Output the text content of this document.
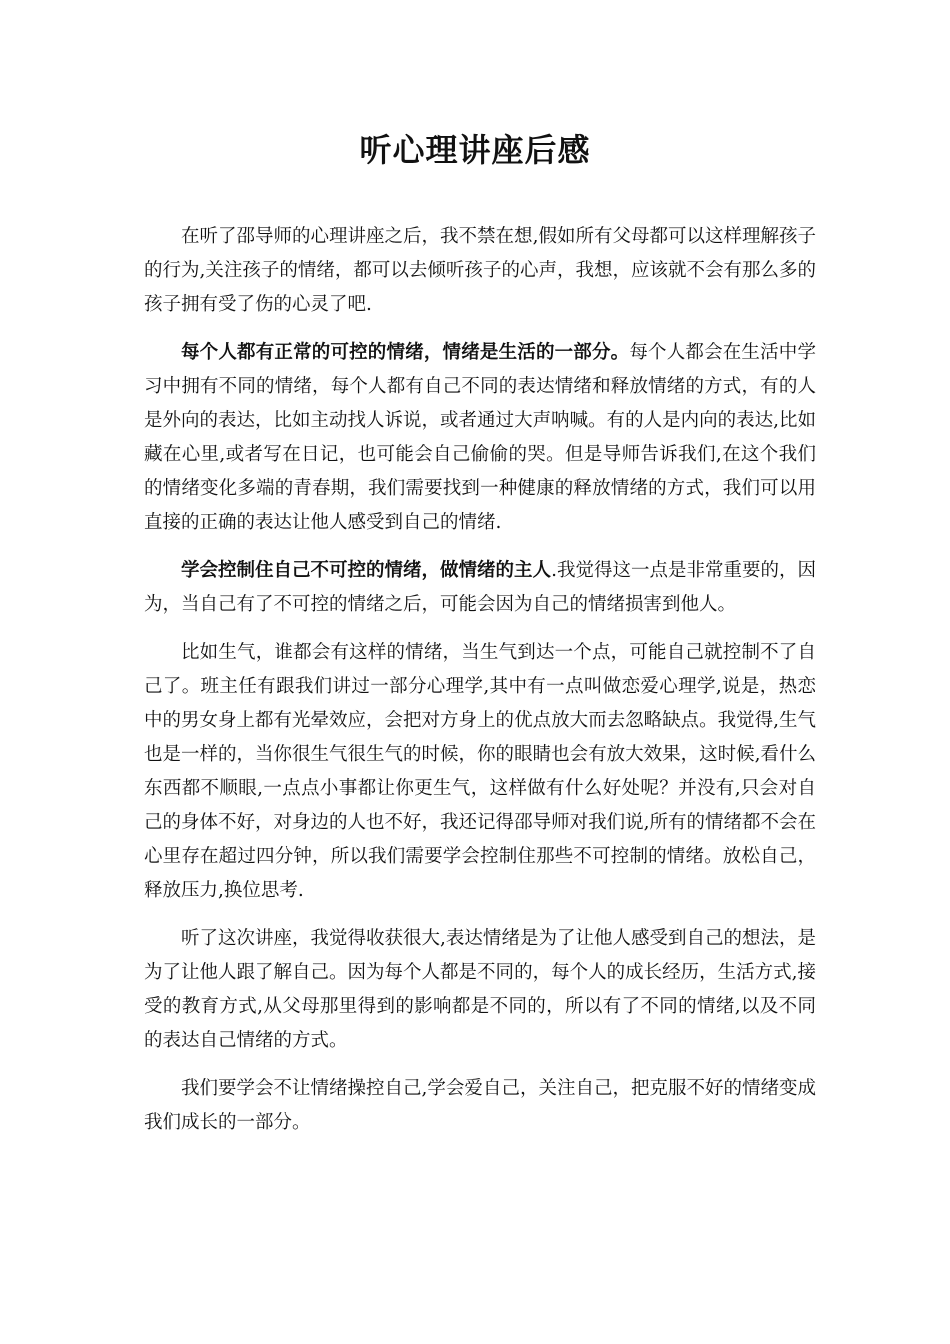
听心理讲座后感

在听了邵导师的心理讲座之后，我不禁在想,假如所有父母都可以这样理解孩子的行为,关注孩子的情绪，都可以去倾听孩子的心声，我想，应该就不会有那么多的孩子拥有受了伤的心灵了吧.

每个人都有正常的可控的情绪，情绪是生活的一部分。每个人都会在生活中学习中拥有不同的情绪，每个人都有自己不同的表达情绪和释放情绪的方式，有的人是外向的表达，比如主动找人诉说，或者通过大声呐喊。有的人是内向的表达,比如藏在心里,或者写在日记，也可能会自己偷偷的哭。但是导师告诉我们,在这个我们的情绪变化多端的青春期，我们需要找到一种健康的释放情绪的方式，我们可以用直接的正确的表达让他人感受到自己的情绪.

学会控制住自己不可控的情绪，做情绪的主人.我觉得这一点是非常重要的，因为，当自己有了不可控的情绪之后，可能会因为自己的情绪损害到他人。

比如生气，谁都会有这样的情绪，当生气到达一个点，可能自己就控制不了自己了。班主任有跟我们讲过一部分心理学,其中有一点叫做恋爱心理学,说是，热恋中的男女身上都有光晕效应，会把对方身上的优点放大而去忽略缺点。我觉得,生气也是一样的，当你很生气很生气的时候，你的眼睛也会有放大效果，这时候,看什么东西都不顺眼,一点点小事都让你更生气，这样做有什么好处呢？并没有,只会对自己的身体不好，对身边的人也不好，我还记得邵导师对我们说,所有的情绪都不会在心里存在超过四分钟，所以我们需要学会控制住那些不可控制的情绪。放松自己，释放压力,换位思考.

听了这次讲座，我觉得收获很大,表达情绪是为了让他人感受到自己的想法，是为了让他人跟了解自己。因为每个人都是不同的，每个人的成长经历，生活方式,接受的教育方式,从父母那里得到的影响都是不同的，所以有了不同的情绪,以及不同的表达自己情绪的方式。

我们要学会不让情绪操控自己,学会爱自己，关注自己，把克服不好的情绪变成我们成长的一部分。
